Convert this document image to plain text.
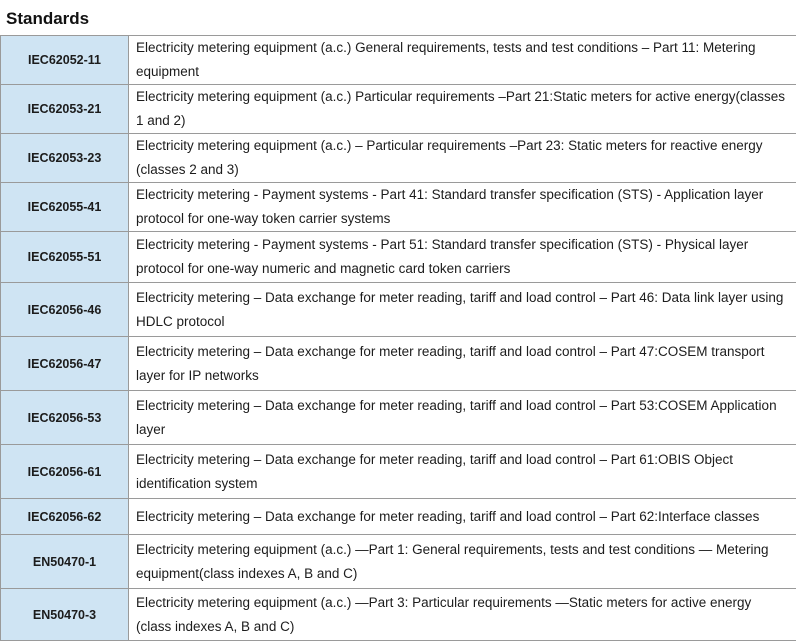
Standards
IEC62052-11	Electricity metering equipment (a.c.) General requirements, tests and test conditions – Part 11: Metering equipment
IEC62053-21	Electricity metering equipment (a.c.) Particular requirements –Part 21:Static meters for active energy(classes 1 and 2)
IEC62053-23	Electricity metering equipment (a.c.) – Particular requirements –Part 23: Static meters for reactive energy (classes 2 and 3)
IEC62055-41	Electricity metering - Payment systems - Part 41: Standard transfer specification (STS) - Application layer protocol for one-way token carrier systems
IEC62055-51	Electricity metering - Payment systems - Part 51: Standard transfer specification (STS) - Physical layer protocol for one-way numeric and magnetic card token carriers
IEC62056-46	Electricity metering – Data exchange for meter reading, tariff and load control – Part 46: Data link layer using HDLC protocol
IEC62056-47	Electricity metering – Data exchange for meter reading, tariff and load control – Part 47:COSEM transport layer for IP networks
IEC62056-53	Electricity metering – Data exchange for meter reading, tariff and load control – Part 53:COSEM Application layer
IEC62056-61	Electricity metering – Data exchange for meter reading, tariff and load control – Part 61:OBIS Object identification system
IEC62056-62	Electricity metering – Data exchange for meter reading, tariff and load control – Part 62:Interface classes
EN50470-1	Electricity metering equipment (a.c.) —Part 1: General requirements, tests and test conditions — Metering equipment(class indexes A, B and C)
EN50470-3	Electricity metering equipment (a.c.) —Part 3: Particular requirements —Static meters for active energy (class indexes A, B and C)
